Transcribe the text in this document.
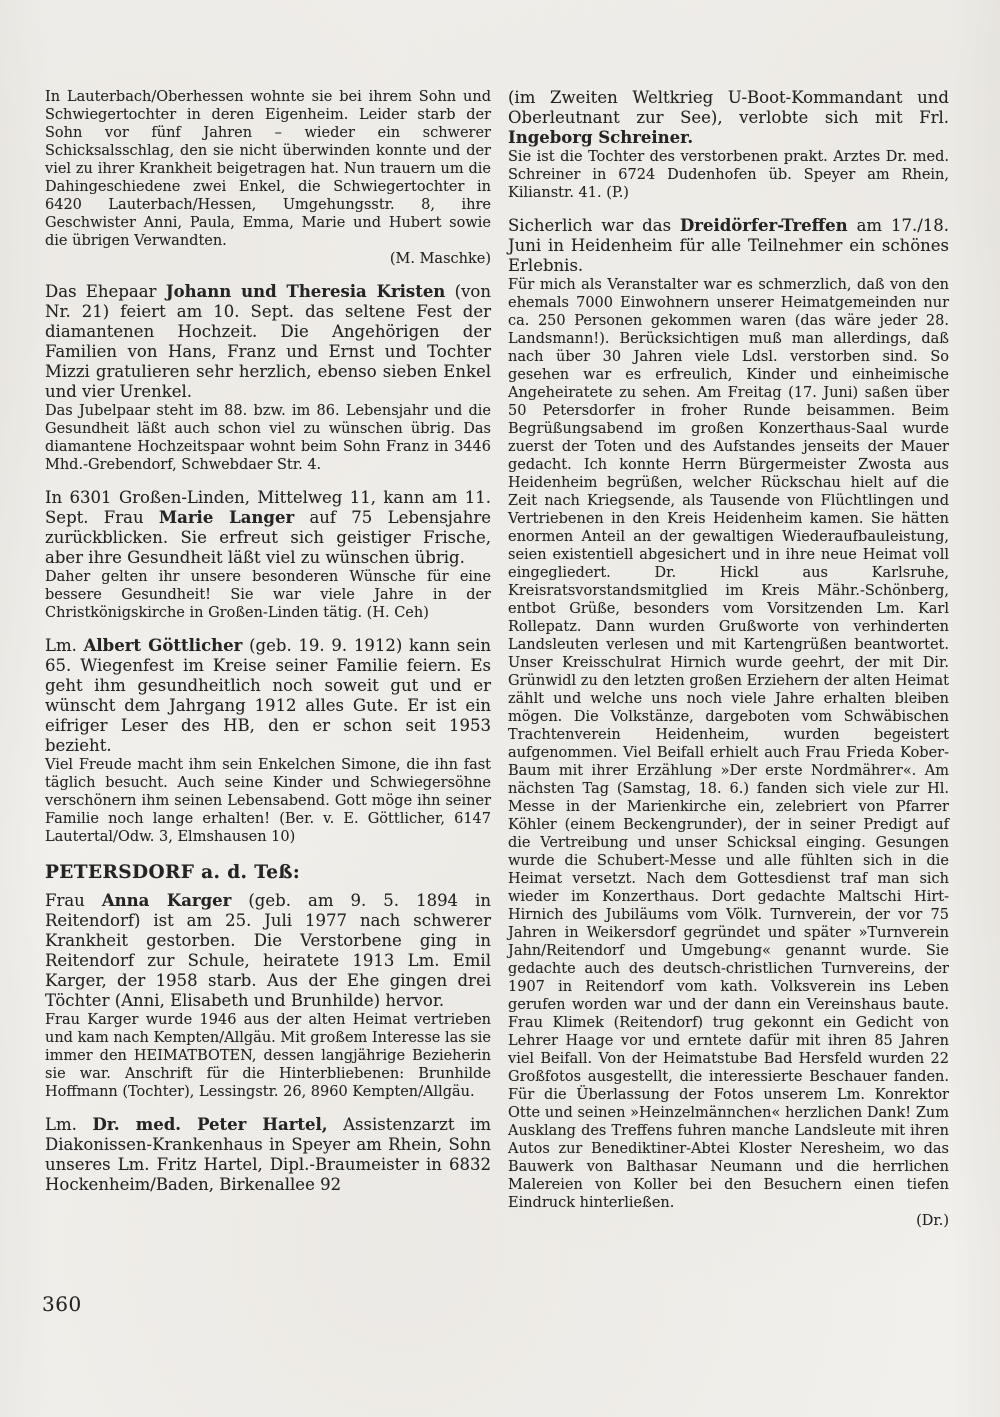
In Lauterbach/Oberhessen wohnte sie bei ihrem Sohn und Schwiegertochter in deren Eigenheim. Leider starb der Sohn vor fünf Jahren – wieder ein schwerer Schicksalsschlag, den sie nicht überwinden konnte und der viel zu ihrer Krankheit beigetragen hat. Nun trauern um die Dahingeschiedene zwei Enkel, die Schwiegertochter in 6420 Lauterbach/Hessen, Umgehungsstr. 8, ihre Geschwister Anni, Paula, Emma, Marie und Hubert sowie die übrigen Verwandten.

(M. Maschke)

Das Ehepaar Johann und Theresia Kristen (von Nr. 21) feiert am 10. Sept. das seltene Fest der diamantenen Hochzeit. Die Angehörigen der Familien von Hans, Franz und Ernst und Tochter Mizzi gratulieren sehr herzlich, ebenso sieben Enkel und vier Urenkel.

Das Jubelpaar steht im 88. bzw. im 86. Lebensjahr und die Gesundheit läßt auch schon viel zu wünschen übrig. Das diamantene Hochzeitspaar wohnt beim Sohn Franz in 3446 Mhd.-Grebendorf, Schwebdaer Str. 4.

In 6301 Großen-Linden, Mittelweg 11, kann am 11. Sept. Frau Marie Langer auf 75 Lebensjahre zurückblicken. Sie erfreut sich geistiger Frische, aber ihre Gesundheit läßt viel zu wünschen übrig.

Daher gelten ihr unsere besonderen Wünsche für eine bessere Gesundheit! Sie war viele Jahre in der Christkönigskirche in Großen-Linden tätig. (H. Ceh)

Lm. Albert Göttlicher (geb. 19. 9. 1912) kann sein 65. Wiegenfest im Kreise seiner Familie feiern. Es geht ihm gesundheitlich noch soweit gut und er wünscht dem Jahrgang 1912 alles Gute. Er ist ein eifriger Leser des HB, den er schon seit 1953 bezieht.

Viel Freude macht ihm sein Enkelchen Simone, die ihn fast täglich besucht. Auch seine Kinder und Schwiegersöhne verschönern ihm seinen Lebensabend. Gott möge ihn seiner Familie noch lange erhalten! (Ber. v. E. Göttlicher, 6147 Lautertal/Odw. 3, Elmshausen 10)

PETERSDORF a. d. Teß:

Frau Anna Karger (geb. am 9. 5. 1894 in Reitendorf) ist am 25. Juli 1977 nach schwerer Krankheit gestorben. Die Verstorbene ging in Reitendorf zur Schule, heiratete 1913 Lm. Emil Karger, der 1958 starb. Aus der Ehe gingen drei Töchter (Anni, Elisabeth und Brunhilde) hervor.

Frau Karger wurde 1946 aus der alten Heimat vertrieben und kam nach Kempten/Allgäu. Mit großem Interesse las sie immer den HEIMATBOTEN, dessen langjährige Bezieherin sie war. Anschrift für die Hinterbliebenen: Brunhilde Hoffmann (Tochter), Lessingstr. 26, 8960 Kempten/Allgäu.

Lm. Dr. med. Peter Hartel, Assistenzarzt im Diakonissen-Krankenhaus in Speyer am Rhein, Sohn unseres Lm. Fritz Hartel, Dipl.-Braumeister in 6832 Hockenheim/Baden, Birkenallee 92

(im Zweiten Weltkrieg U-Boot-Kommandant und Oberleutnant zur See), verlobte sich mit Frl. Ingeborg Schreiner.

Sie ist die Tochter des verstorbenen prakt. Arztes Dr. med. Schreiner in 6724 Dudenhofen üb. Speyer am Rhein, Kilianstr. 41. (P.)

Sicherlich war das Dreidörfer-Treffen am 17./18. Juni in Heidenheim für alle Teilnehmer ein schönes Erlebnis.

Für mich als Veranstalter war es schmerzlich, daß von den ehemals 7000 Einwohnern unserer Heimatgemeinden nur ca. 250 Personen gekommen waren (das wäre jeder 28. Landsmann!). Berücksichtigen muß man allerdings, daß nach über 30 Jahren viele Ldsl. verstorben sind. So gesehen war es erfreulich, Kinder und einheimische Angeheiratete zu sehen. Am Freitag (17. Juni) saßen über 50 Petersdorfer in froher Runde beisammen. Beim Begrüßungsabend im großen Konzerthaus-Saal wurde zuerst der Toten und des Aufstandes jenseits der Mauer gedacht. Ich konnte Herrn Bürgermeister Zwosta aus Heidenheim begrüßen, welcher Rückschau hielt auf die Zeit nach Kriegsende, als Tausende von Flüchtlingen und Vertriebenen in den Kreis Heidenheim kamen. Sie hätten enormen Anteil an der gewaltigen Wiederaufbauleistung, seien existentiell abgesichert und in ihre neue Heimat voll eingegliedert. Dr. Hickl aus Karlsruhe, Kreisratsvorstandsmitglied im Kreis Mähr.-Schönberg, entbot Grüße, besonders vom Vorsitzenden Lm. Karl Rollepatz. Dann wurden Grußworte von verhinderten Landsleuten verlesen und mit Kartengrüßen beantwortet. Unser Kreisschulrat Hirnich wurde geehrt, der mit Dir. Grünwidl zu den letzten großen Erziehern der alten Heimat zählt und welche uns noch viele Jahre erhalten bleiben mögen. Die Volkstänze, dargeboten vom Schwäbischen Trachtenverein Heidenheim, wurden begeistert aufgenommen. Viel Beifall erhielt auch Frau Frieda Kober-Baum mit ihrer Erzählung »Der erste Nordmährer«. Am nächsten Tag (Samstag, 18. 6.) fanden sich viele zur Hl. Messe in der Marienkirche ein, zelebriert von Pfarrer Köhler (einem Beckengrunder), der in seiner Predigt auf die Vertreibung und unser Schicksal einging. Gesungen wurde die Schubert-Messe und alle fühlten sich in die Heimat versetzt. Nach dem Gottesdienst traf man sich wieder im Konzerthaus. Dort gedachte Maltschi Hirt-Hirnich des Jubiläums vom Völk. Turnverein, der vor 75 Jahren in Weikersdorf gegründet und später »Turnverein Jahn/Reitendorf und Umgebung« genannt wurde. Sie gedachte auch des deutsch-christlichen Turnvereins, der 1907 in Reitendorf vom kath. Volksverein ins Leben gerufen worden war und der dann ein Vereinshaus baute. Frau Klimek (Reitendorf) trug gekonnt ein Gedicht von Lehrer Haage vor und erntete dafür mit ihren 85 Jahren viel Beifall. Von der Heimatstube Bad Hersfeld wurden 22 Großfotos ausgestellt, die interessierte Beschauer fanden. Für die Überlassung der Fotos unserem Lm. Konrektor Otte und seinen »Heinzelmännchen« herzlichen Dank! Zum Ausklang des Treffens fuhren manche Landsleute mit ihren Autos zur Benediktiner-Abtei Kloster Neresheim, wo das Bauwerk von Balthasar Neumann und die herrlichen Malereien von Koller bei den Besuchern einen tiefen Eindruck hinterließen.

(Dr.)
360
